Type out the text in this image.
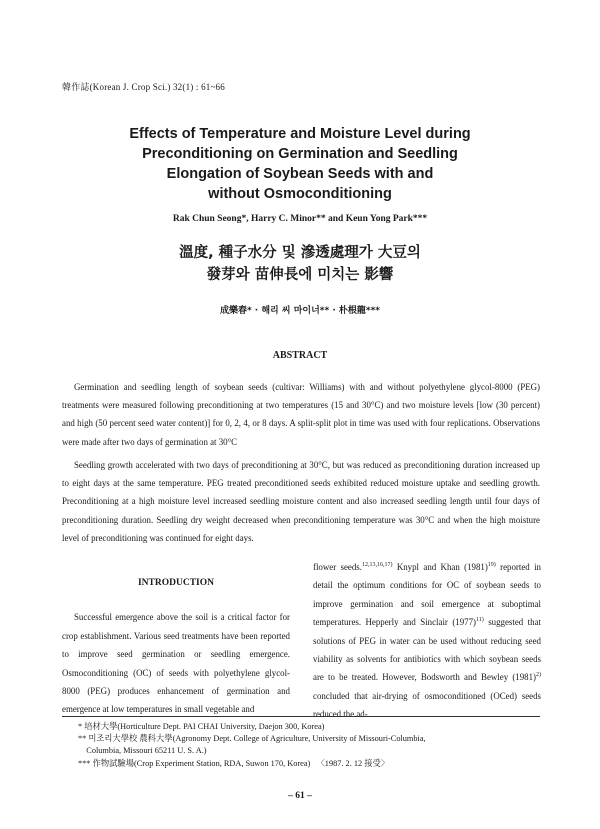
韓作誌(Korean J. Crop Sci.) 32(1) : 61~66
Effects of Temperature and Moisture Level during
Preconditioning on Germination and Seedling
Elongation of Soybean Seeds with and
without Osmoconditioning
Rak Chun Seong*, Harry C. Minor** and Keun Yong Park***
溫度, 種子水分 및 滲透處理가 大豆의
發芽와 苗伸長에 미치는 影響
成樂春* · 해리 씨 마이너** · 朴根龍***
ABSTRACT
Germination and seedling length of soybean seeds (cultivar: Williams) with and without polyethylene glycol-8000 (PEG) treatments were measured following preconditioning at two temperatures (15 and 30°C) and two moisture levels [low (30 percent) and high (50 percent seed water content)] for 0, 2, 4, or 8 days. A split-split plot in time was used with four replications. Observations were made after two days of germination at 30°C
Seedling growth accelerated with two days of preconditioning at 30°C, but was reduced as preconditioning duration increased up to eight days at the same temperature. PEG treated preconditioned seeds exhibited reduced moisture uptake and seedling growth. Preconditioning at a high moisture level increased seedling moisture content and also increased seedling length until four days of preconditioning duration. Seedling dry weight decreased when preconditioning temperature was 30°C and when the high moisture level of preconditioning was continued for eight days.
INTRODUCTION

Successful emergence above the soil is a critical factor for crop establishment. Various seed treatments have been reported to improve seed germination or seedling emergence. Osmoconditioning (OC) of seeds with polyethylene glycol-8000 (PEG) produces enhancement of germination and emergence at low temperatures in small vegetable and

flower seeds.$^{12,13,16,17)}$ Knypl and Khan $(1981)^{19)}$ reported in detail the optimum conditions for OC of soybean seeds to improve germination and soil emergence at suboptimal temperatures. Hepperly and Sinclair $(1977)^{11)}$ suggested that solutions of PEG in water can be used without reducing seed viability as solvents for antibiotics with which soybean seeds are to be treated. However, Bodsworth and Bewley $(1981)^{2)}$ concluded that air-drying of osmoconditioned (OCed) seeds reduced the ad-

* 培材大學(Horticulture Dept. PAI CHAI University, Daejon 300, Korea)
** 미조리大學校 農科大學(Agronomy Dept. College of Agriculture, University of Missouri-Columbia,
Columbia, Missouri 65211 U. S. A.)
*** 作物試驗場(Crop Experiment Station, RDA, Suwon 170, Korea)   〈1987. 2. 12 接受〉
– 61 –
